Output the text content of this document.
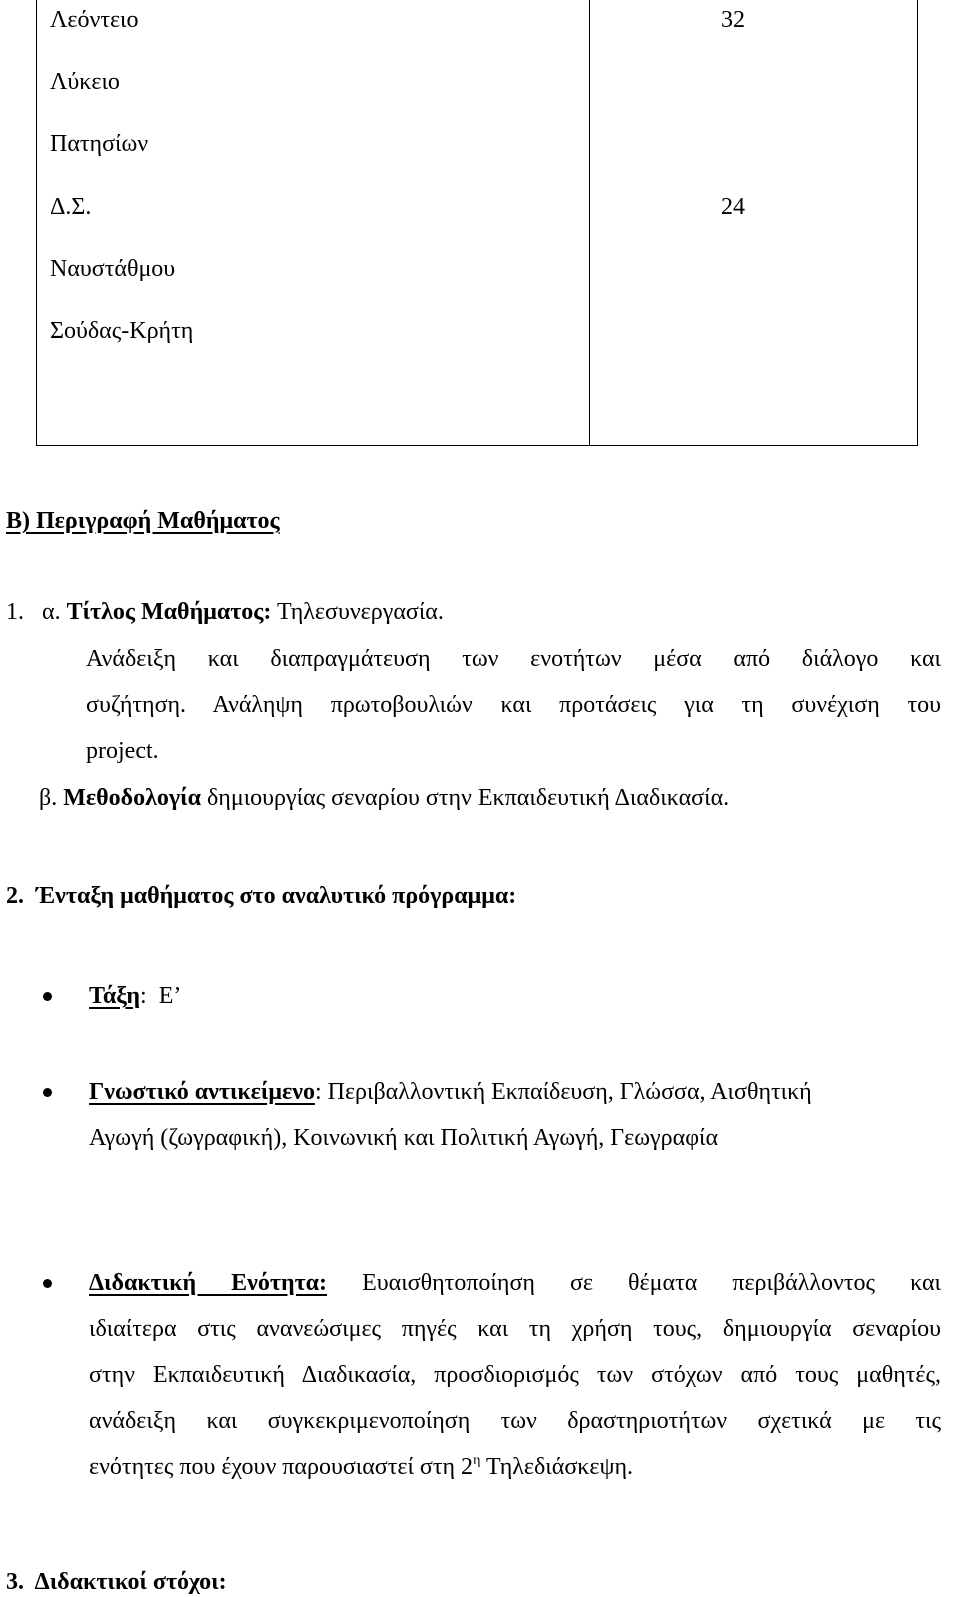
Λεόντειο
Λύκειο
Πατησίων
32
Δ.Σ.
Ναυστάθμου
Σούδας-Κρήτη
24
Β) Περιγραφή Μαθήματος
1.   α. Τίτλος Μαθήματος: Τηλεσυνεργασία.
Ανάδειξη και διαπραγμάτευση των ενοτήτων μέσα από διάλογο και
συζήτηση. Ανάληψη πρωτοβουλιών και προτάσεις για τη συνέχιση του
project.
β. Μεθοδολογία δημιουργίας σεναρίου στην Εκπαιδευτική Διαδικασία.
2.  Ένταξη μαθήματος στο αναλυτικό πρόγραμμα:
Τάξη:  Ε’
Γνωστικό αντικείμενο: Περιβαλλοντική Εκπαίδευση, Γλώσσα, Αισθητική
Αγωγή (ζωγραφική), Κοινωνική και Πολιτική Αγωγή, Γεωγραφία
Διδακτική Ενότητα: Ευαισθητοποίηση σε θέματα περιβάλλοντος και
ιδιαίτερα στις ανανεώσιμες πηγές και τη χρήση τους, δημιουργία σεναρίου
στην Εκπαιδευτική Διαδικασία, προσδιορισμός των στόχων από τους μαθητές,
ανάδειξη και συγκεκριμενοποίηση των δραστηριοτήτων σχετικά με τις
ενότητες που έχουν παρουσιαστεί στη $2^\eta$ Τηλεδιάσκεψη.
3.  Διδακτικοί στόχοι:
